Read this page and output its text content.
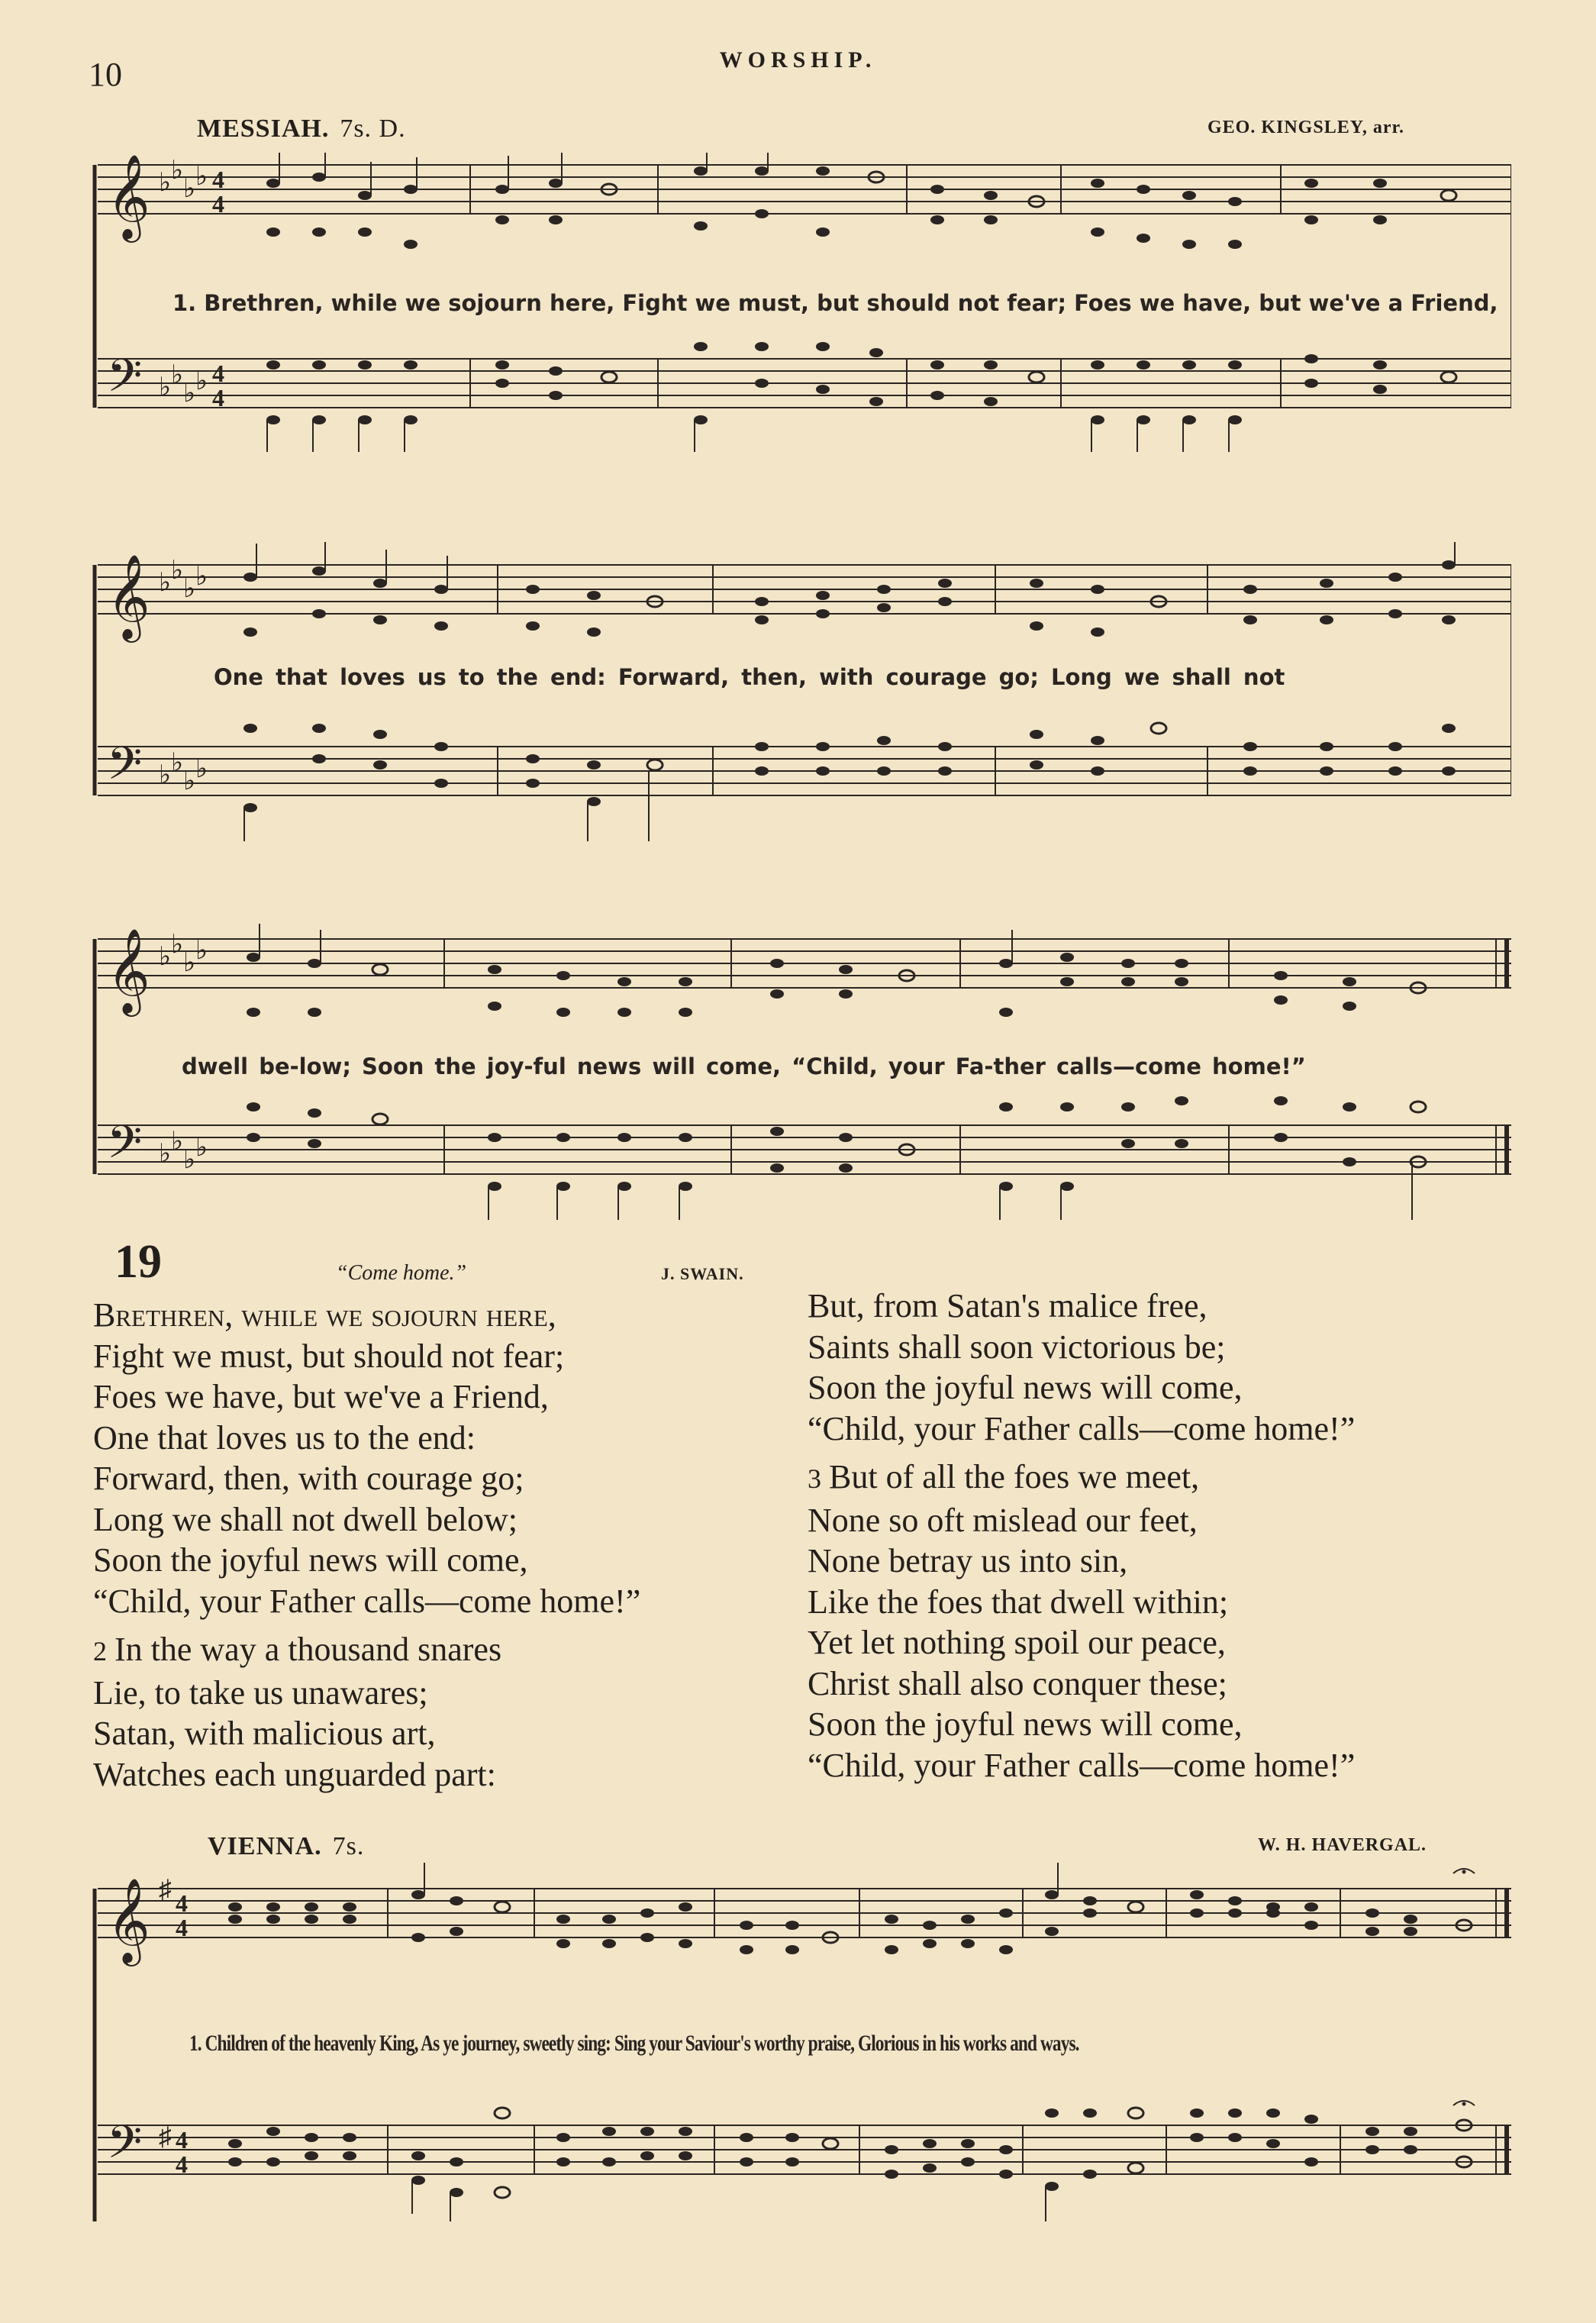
10	WORSHIP.
MESSIAH. 7s. D.	GEO. KINGSLEY, arr.
𝄞
𝄢
♭ ♭
♭ ♭
♭ ♭
♭ ♭
4
4
4
4
1. Brethren, while we sojourn here, Fight we must, but should not fear; Foes we have, but we've a Friend,
𝄞
𝄢
♭ ♭
♭ ♭
♭ ♭
♭ ♭
One that loves us to the end: Forward, then, with courage go; Long we shall not
𝄞
𝄢
♭ ♭
♭ ♭
♭ ♭
♭ ♭
dwell be-low; Soon the joy-ful news will come, “Child, your Fa-ther calls—come home!”
19	“Come home.”	J. SWAIN.
Brethren, while we sojourn here,
Fight we must, but should not fear;
Foes we have, but we've a Friend,
One that loves us to the end:
Forward, then, with courage go;
Long we shall not dwell below;
Soon the joyful news will come,
“Child, your Father calls—come home!”
2 In the way a thousand snares
Lie, to take us unawares;
Satan, with malicious art,
Watches each unguarded part:
But, from Satan's malice free,
Saints shall soon victorious be;
Soon the joyful news will come,
“Child, your Father calls—come home!”
3 But of all the foes we meet,
None so oft mislead our feet,
None betray us into sin,
Like the foes that dwell within;
Yet let nothing spoil our peace,
Christ shall also conquer these;
Soon the joyful news will come,
“Child, your Father calls—come home!”
VIENNA. 7s.	W. H. HAVERGAL.
𝄞
𝄢
♯
♯
4
4
4
4
1. Children of the heavenly King, As ye journey, sweetly sing: Sing your Saviour's worthy praise, Glorious in his works and ways.
